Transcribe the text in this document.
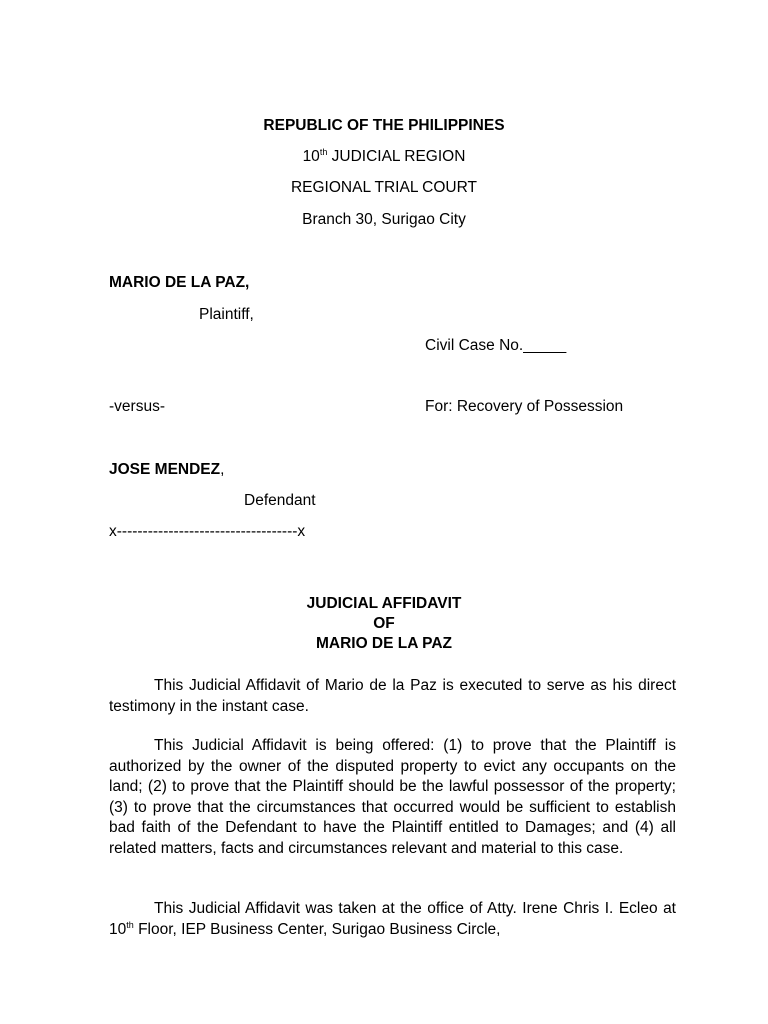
REPUBLIC OF THE PHILIPPINES
10th JUDICIAL REGION
REGIONAL TRIAL COURT
Branch 30, Surigao City
MARIO DE LA PAZ,
Plaintiff,
Civil Case No._____
-versus-	For: Recovery of Possession
JOSE MENDEZ,
Defendant
x-----------------------------------x
JUDICIAL AFFIDAVIT
OF
MARIO DE LA PAZ

This Judicial Affidavit of Mario de la Paz is executed to serve as his direct testimony in the instant case.

This Judicial Affidavit is being offered: (1) to prove that the Plaintiff is authorized by the owner of the disputed property to evict any occupants on the land; (2) to prove that the Plaintiff should be the lawful possessor of the property; (3) to prove that the circumstances that occurred would be sufficient to establish bad faith of the Defendant to have the Plaintiff entitled to Damages; and (4) all related matters, facts and circumstances relevant and material to this case.

This Judicial Affidavit was taken at the office of Atty. Irene Chris I. Ecleo at 10th Floor, IEP Business Center, Surigao Business Circle,
